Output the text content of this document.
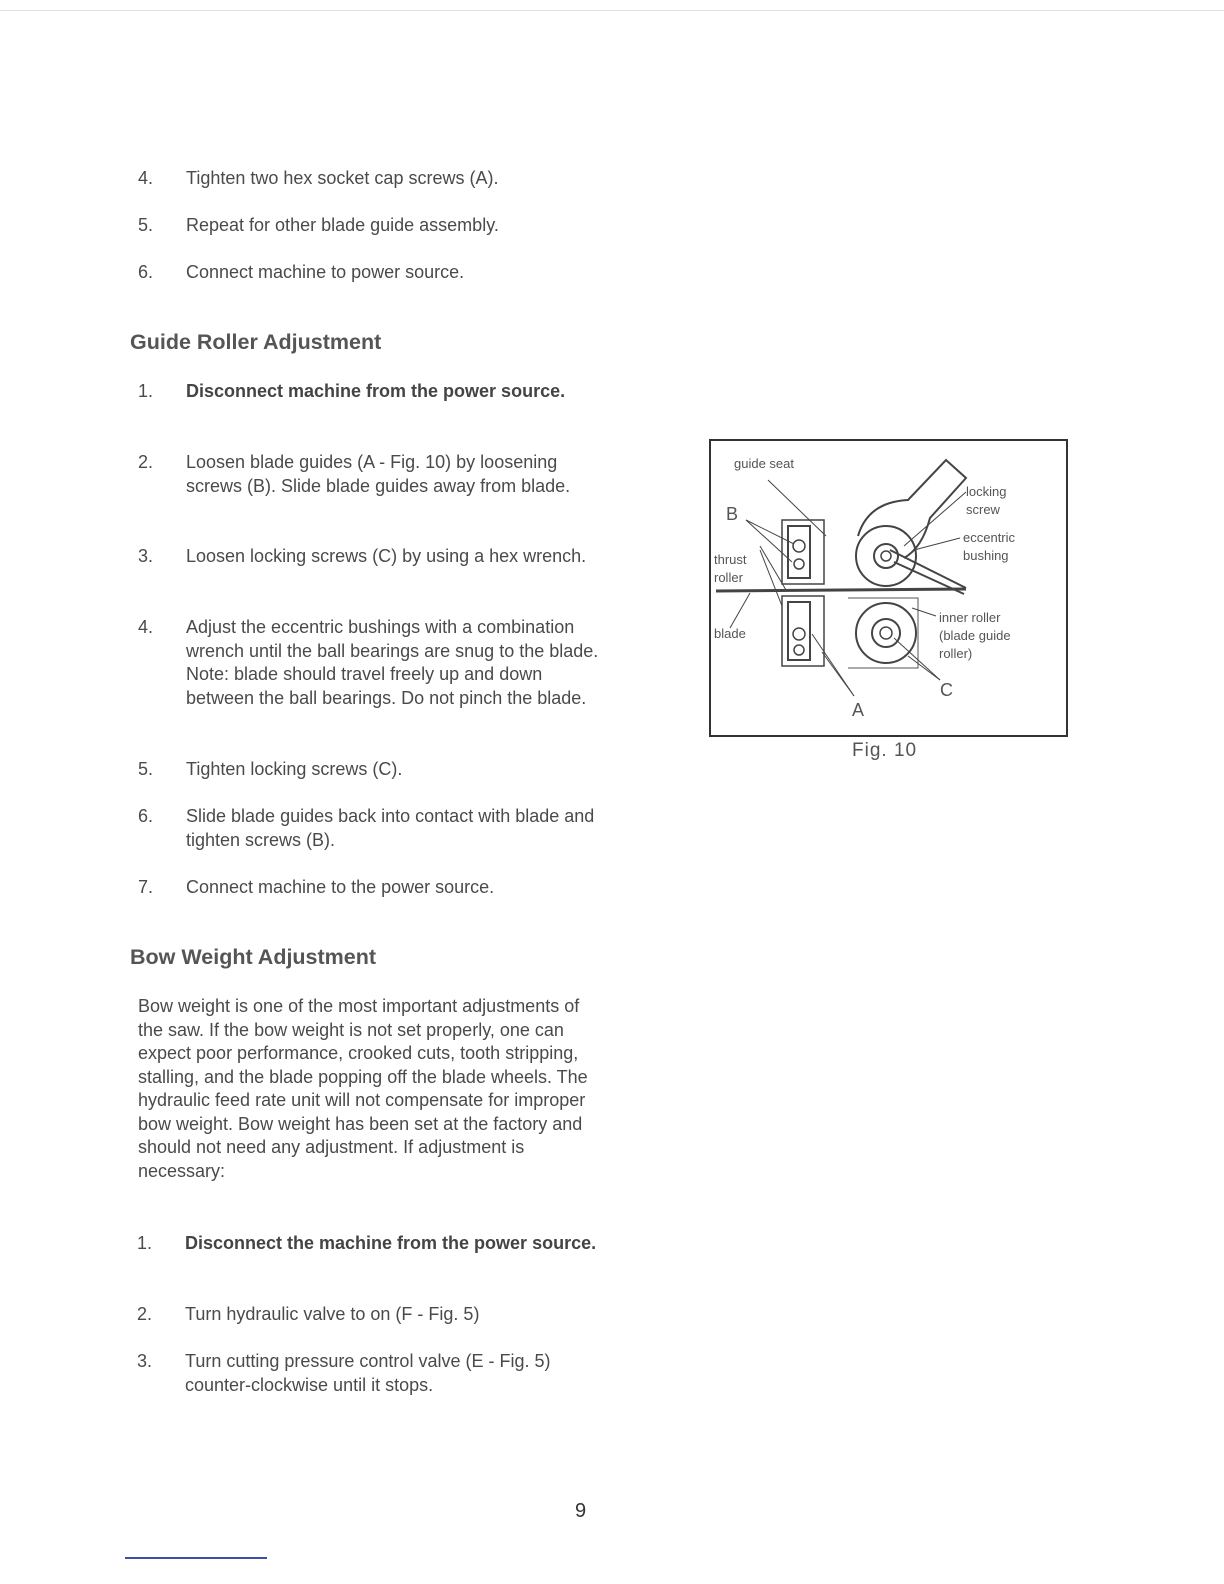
4.	Tighten two hex socket cap screws (A).
5.	Repeat for other blade guide assembly.
6.	Connect machine to power source.
Guide Roller Adjustment
1.	Disconnect machine from the power source.
2.	Loosen blade guides (A - Fig. 10) by loosening screws (B). Slide blade guides away from blade.
3.	Loosen locking screws (C) by using a hex wrench.
4.	Adjust the eccentric bushings with a combination wrench until the ball bearings are snug to the blade. Note: blade should travel freely up and down between the ball bearings. Do not pinch the blade.
5.	Tighten locking screws (C).
6.	Slide blade guides back into contact with blade and tighten screws (B).
7.	Connect machine to the power source.
guide seat
B
thrust
roller
blade
locking
screw
eccentric
bushing
inner roller
(blade guide
roller)
C
A
Fig. 10
Bow Weight Adjustment

Bow weight is one of the most important adjustments of the saw. If the bow weight is not set properly, one can expect poor performance, crooked cuts, tooth stripping, stalling, and the blade popping off the blade wheels. The hydraulic feed rate unit will not compensate for improper bow weight. Bow weight has been set at the factory and should not need any adjustment. If adjustment is necessary:

1.	Disconnect the machine from the power source.
2.	Turn hydraulic valve to on (F - Fig. 5)
3.	Turn cutting pressure control valve (E - Fig. 5) counter-clockwise until it stops.
9
